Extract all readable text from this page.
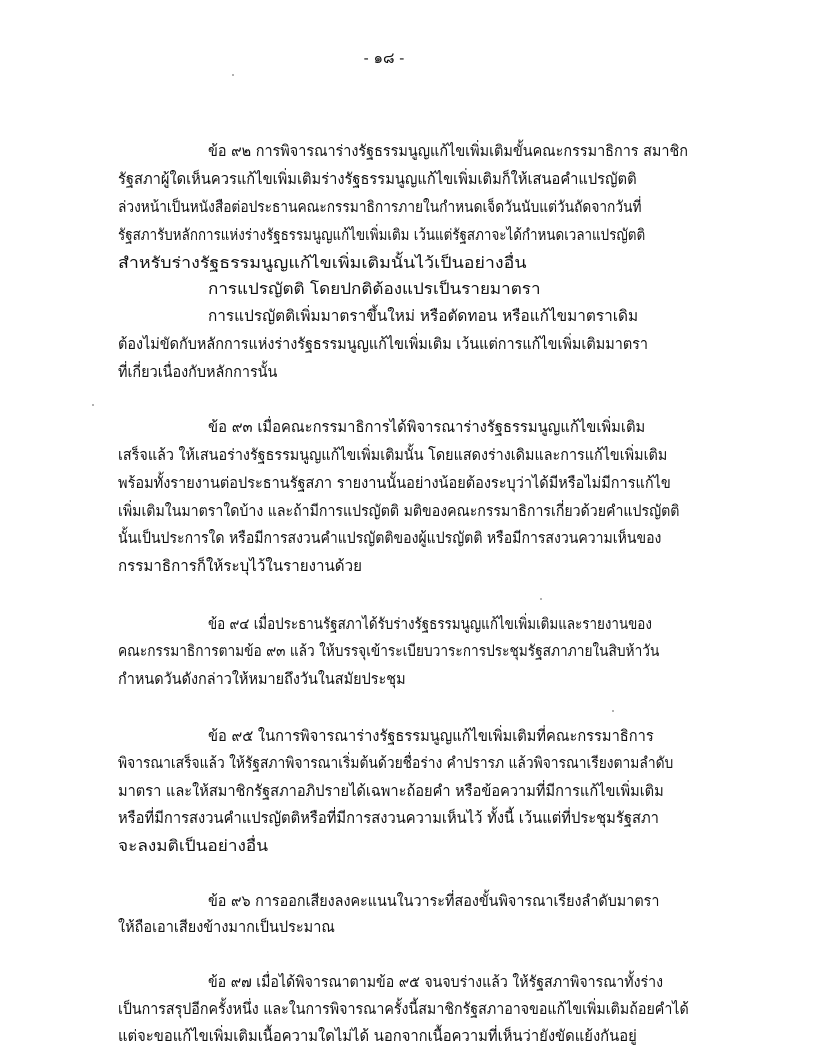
- ๑๘ -
ข้อ ๙๒ การพิจารณาร่างรัฐธรรมนูญแก้ไขเพิ่มเติมขั้นคณะกรรมาธิการ สมาชิก
รัฐสภาผู้ใดเห็นควรแก้ไขเพิ่มเติมร่างรัฐธรรมนูญแก้ไขเพิ่มเติมก็ให้เสนอคำแปรญัตติ
ล่วงหน้าเป็นหนังสือต่อประธานคณะกรรมาธิการภายในกำหนดเจ็ดวันนับแต่วันถัดจากวันที่
รัฐสภารับหลักการแห่งร่างรัฐธรรมนูญแก้ไขเพิ่มเติม เว้นแต่รัฐสภาจะได้กำหนดเวลาแปรญัตติ
สำหรับร่างรัฐธรรมนูญแก้ไขเพิ่มเติมนั้นไว้เป็นอย่างอื่น
การแปรญัตติ โดยปกติต้องแปรเป็นรายมาตรา
การแปรญัตติเพิ่มมาตราขึ้นใหม่ หรือตัดทอน หรือแก้ไขมาตราเดิม
ต้องไม่ขัดกับหลักการแห่งร่างรัฐธรรมนูญแก้ไขเพิ่มเติม เว้นแต่การแก้ไขเพิ่มเติมมาตรา
ที่เกี่ยวเนื่องกับหลักการนั้น
ข้อ ๙๓ เมื่อคณะกรรมาธิการได้พิจารณาร่างรัฐธรรมนูญแก้ไขเพิ่มเติม
เสร็จแล้ว ให้เสนอร่างรัฐธรรมนูญแก้ไขเพิ่มเติมนั้น โดยแสดงร่างเดิมและการแก้ไขเพิ่มเติม
พร้อมทั้งรายงานต่อประธานรัฐสภา รายงานนั้นอย่างน้อยต้องระบุว่าได้มีหรือไม่มีการแก้ไข
เพิ่มเติมในมาตราใดบ้าง และถ้ามีการแปรญัตติ มติของคณะกรรมาธิการเกี่ยวด้วยคำแปรญัตติ
นั้นเป็นประการใด หรือมีการสงวนคำแปรญัตติของผู้แปรญัตติ หรือมีการสงวนความเห็นของ
กรรมาธิการก็ให้ระบุไว้ในรายงานด้วย
ข้อ ๙๔ เมื่อประธานรัฐสภาได้รับร่างรัฐธรรมนูญแก้ไขเพิ่มเติมและรายงานของ
คณะกรรมาธิการตามข้อ ๙๓ แล้ว ให้บรรจุเข้าระเบียบวาระการประชุมรัฐสภาภายในสิบห้าวัน
กำหนดวันดังกล่าวให้หมายถึงวันในสมัยประชุม
ข้อ ๙๕ ในการพิจารณาร่างรัฐธรรมนูญแก้ไขเพิ่มเติมที่คณะกรรมาธิการ
พิจารณาเสร็จแล้ว ให้รัฐสภาพิจารณาเริ่มต้นด้วยชื่อร่าง คำปรารภ แล้วพิจารณาเรียงตามลำดับ
มาตรา และให้สมาชิกรัฐสภาอภิปรายได้เฉพาะถ้อยคำ หรือข้อความที่มีการแก้ไขเพิ่มเติม
หรือที่มีการสงวนคำแปรญัตติหรือที่มีการสงวนความเห็นไว้ ทั้งนี้ เว้นแต่ที่ประชุมรัฐสภา
จะลงมติเป็นอย่างอื่น
ข้อ ๙๖ การออกเสียงลงคะแนนในวาระที่สองขั้นพิจารณาเรียงลำดับมาตรา
ให้ถือเอาเสียงข้างมากเป็นประมาณ
ข้อ ๙๗ เมื่อได้พิจารณาตามข้อ ๙๕ จนจบร่างแล้ว ให้รัฐสภาพิจารณาทั้งร่าง
เป็นการสรุปอีกครั้งหนึ่ง และในการพิจารณาครั้งนี้สมาชิกรัฐสภาอาจขอแก้ไขเพิ่มเติมถ้อยคำได้
แต่จะขอแก้ไขเพิ่มเติมเนื้อความใดไม่ได้ นอกจากเนื้อความที่เห็นว่ายังขัดแย้งกันอยู่
